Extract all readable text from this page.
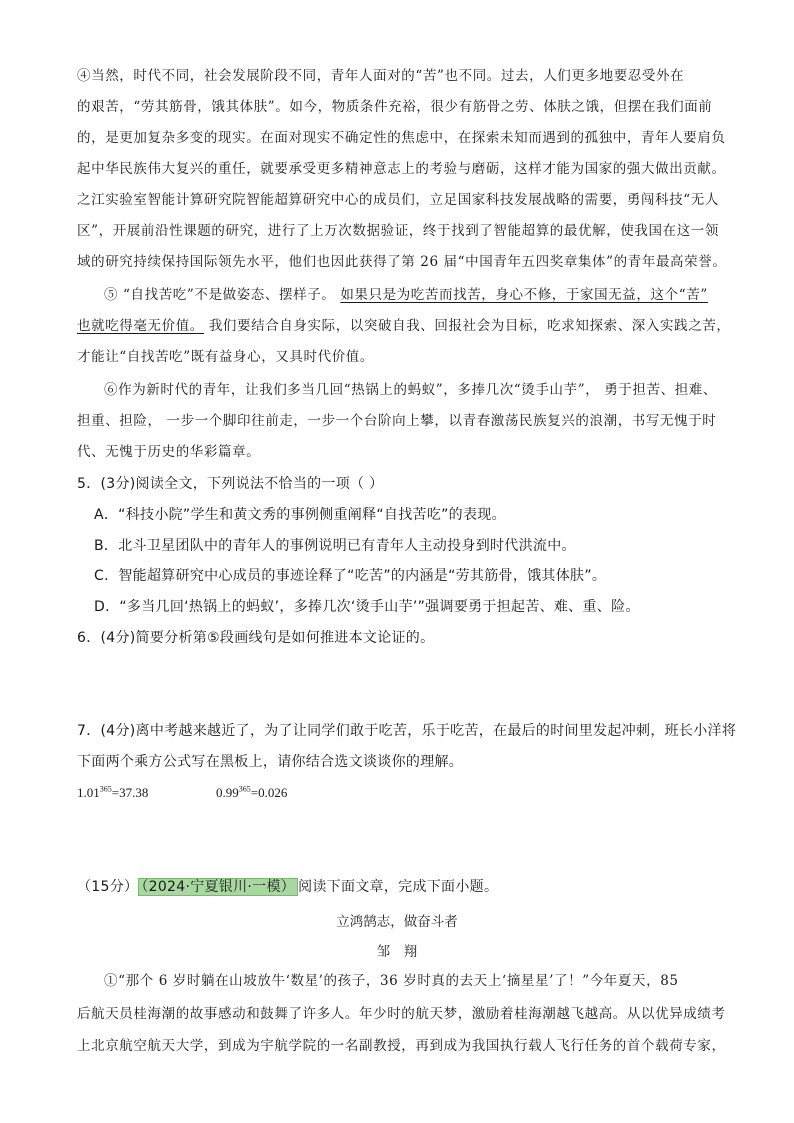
④当然，时代不同，社会发展阶段不同，青年人面对的“苦”也不同。过去，人们更多地要忍受外在
的艰苦，“劳其筋骨，饿其体肤”。如今，物质条件充裕，很少有筋骨之劳、体肤之饿，但摆在我们面前
的，是更加复杂多变的现实。在面对现实不确定性的焦虑中，在探索未知而遇到的孤独中，青年人要肩负
起中华民族伟大复兴的重任，就要承受更多精神意志上的考验与磨砺，这样才能为国家的强大做出贡献。
之江实验室智能计算研究院智能超算研究中心的成员们，立足国家科技发展战略的需要，勇闯科技“无人
区”，开展前沿性课题的研究，进行了上万次数据验证，终于找到了智能超算的最优解，使我国在这一领
域的研究持续保持国际领先水平，他们也因此获得了第 26 届“中国青年五四奖章集体”的青年最高荣誉。
⑤ “自找苦吃”不是做姿态、摆样子。 如果只是为吃苦而找苦，身心不修，于家国无益，这个“苦”
也就吃得毫无价值。 我们要结合自身实际，以突破自我、回报社会为目标，吃求知探索、深入实践之苦，
才能让“自找苦吃”既有益身心，又具时代价值。
⑥作为新时代的青年，让我们多当几回“热锅上的蚂蚁”，多捧几次“烫手山芋”， 勇于担苦、担难、
担重、担险， 一步一个脚印往前走，一步一个台阶向上攀，以青春激荡民族复兴的浪潮，书写无愧于时
代、无愧于历史的华彩篇章。
5．(3分)阅读全文，下列说法不恰当的一项（ ）
A．“科技小院”学生和黄文秀的事例侧重阐释“自找苦吃”的表现。
B．北斗卫星团队中的青年人的事例说明已有青年人主动投身到时代洪流中。
C．智能超算研究中心成员的事迹诠释了“吃苦”的内涵是“劳其筋骨，饿其体肤”。
D．“多当几回‘热锅上的蚂蚁’，多捧几次‘烫手山芋’”强调要勇于担起苦、难、重、险。
6．(4分)简要分析第⑤段画线句是如何推进本文论证的。
7．(4分)离中考越来越近了，为了让同学们敢于吃苦，乐于吃苦，在最后的时间里发起冲刺，班长小洋将
下面两个乘方公式写在黑板上，请你结合选文谈谈你的理解。
$1.01^{365}=37.38$	$0.99^{365}=0.026$
（15分） （2024·宁夏银川·一模） 阅读下面文章，完成下面小题。
立鸿鹄志，做奋斗者
邹　翔
①“那个 6 岁时躺在山坡放牛‘数星’的孩子，36 岁时真的去天上‘摘星星’了！”今年夏天，85
后航天员桂海潮的故事感动和鼓舞了许多人。年少时的航天梦，激励着桂海潮越飞越高。从以优异成绩考
上北京航空航天大学，到成为宇航学院的一名副教授，再到成为我国执行载人飞行任务的首个载荷专家，
